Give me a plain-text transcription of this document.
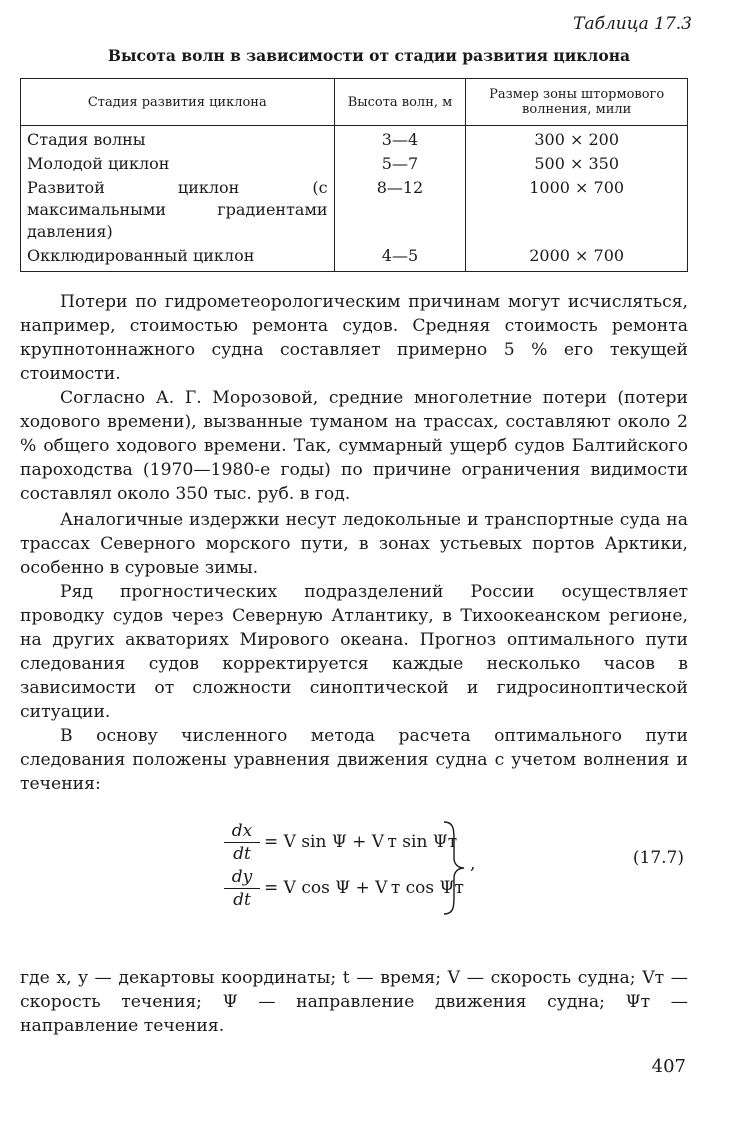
Таблица 17.3
Высота волн в зависимости от стадии развития циклона
Стадия развития циклона	Высота волн, м	Размер зоны штормового волнения, мили
Стадия волны	3—4	300 × 200
Молодой циклон	5—7	500 × 350
Развитой циклон (с максимальными градиентами давления)	8—12	1000 × 700
Окклюдированный циклон	4—5	2000 × 700

Потери по гидрометеорологическим причинам могут исчисляться, например, стоимостью ремонта судов. Средняя стоимость ремонта крупнотоннажного судна составляет примерно 5 % его текущей стоимости.

Согласно А. Г. Морозовой, средние многолетние потери (потери ходового времени), вызванные туманом на трассах, составляют около 2 % общего ходового времени. Так, суммарный ущерб судов Балтийского пароходства (1970—1980-е годы) по причине ограничения видимости составлял около 350 тыс. руб. в год.

Аналогичные издержки несут ледокольные и транспортные суда на трассах Северного морского пути, в зонах устьевых портов Арктики, особенно в суровые зимы.

Ряд прогностических подразделений России осуществляет проводку судов через Северную Атлантику, в Тихоокеанском регионе, на других акваториях Мирового океана. Прогноз оптимального пути следования судов корректируется каждые несколько часов в зависимости от сложности синоптической и гидросиноптической ситуации.

В основу численного метода расчета оптимального пути следования положены уравнения движения судна с учетом волнения и течения:

$\frac{dx}{dt} = V$ sin Ψ + V т sin Ψт
$\frac{dy}{dt} = V$ cos Ψ + V т cos Ψт
,	(17.7)

где x, y — декартовы координаты; t — время; V — скорость судна; Vт — скорость течения; Ψ — направление движения судна; Ψт — направление течения.

407
